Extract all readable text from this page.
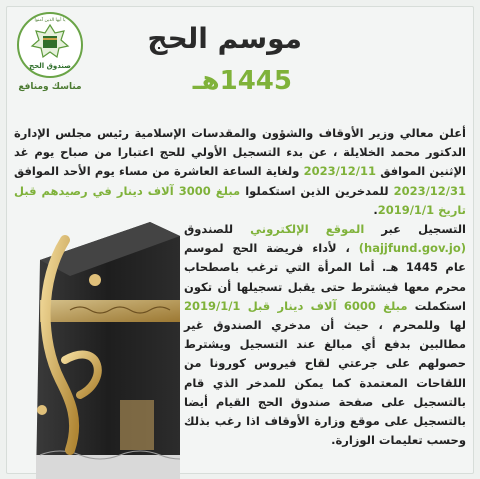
يا أيها الذين آمنوا
صندوق الحج
مناسك ومنافع
موسم الحج
1445هـ

أعلن معالي وزير الأوقاف والشؤون والمقدسات الإسلامية رئيس مجلس الإدارة الدكتور محمد الخلايلة ، عن بدء التسجيل الأولي للحج اعتبارا من صباح يوم غد الإثنين الموافق 2023/12/11 ولغاية الساعة العاشرة من مساء يوم الأحد الموافق 2023/12/31 للمدخرين الذين استكملوا مبلغ 3000 آلاف دينار في رصيدهم قبل تاريخ 2019/1/1.

التسجيل عبر الموقع الإلكتروني للصندوق (hajjfund.gov.jo) ، لأداء فريضة الحج لموسم عام 1445 هـ. أما المرأة التي ترغب باصطحاب محرم معها فيشترط حتى يقبل تسجيلها أن تكون استكملت مبلغ 6000 آلاف دينار قبل 2019/1/1 لها وللمحرم ، حيث أن مدخري الصندوق غير مطالبين بدفع أي مبالغ عند التسجيل ويشترط حصولهم على جرعتي لقاح فيروس كورونا من اللقاحات المعتمدة كما يمكن للمدخر الذي قام بالتسجيل على صفحة صندوق الحج القيام أيضا بالتسجيل على موقع وزارة الأوقاف اذا رغب بذلك وحسب تعليمات الوزارة.
